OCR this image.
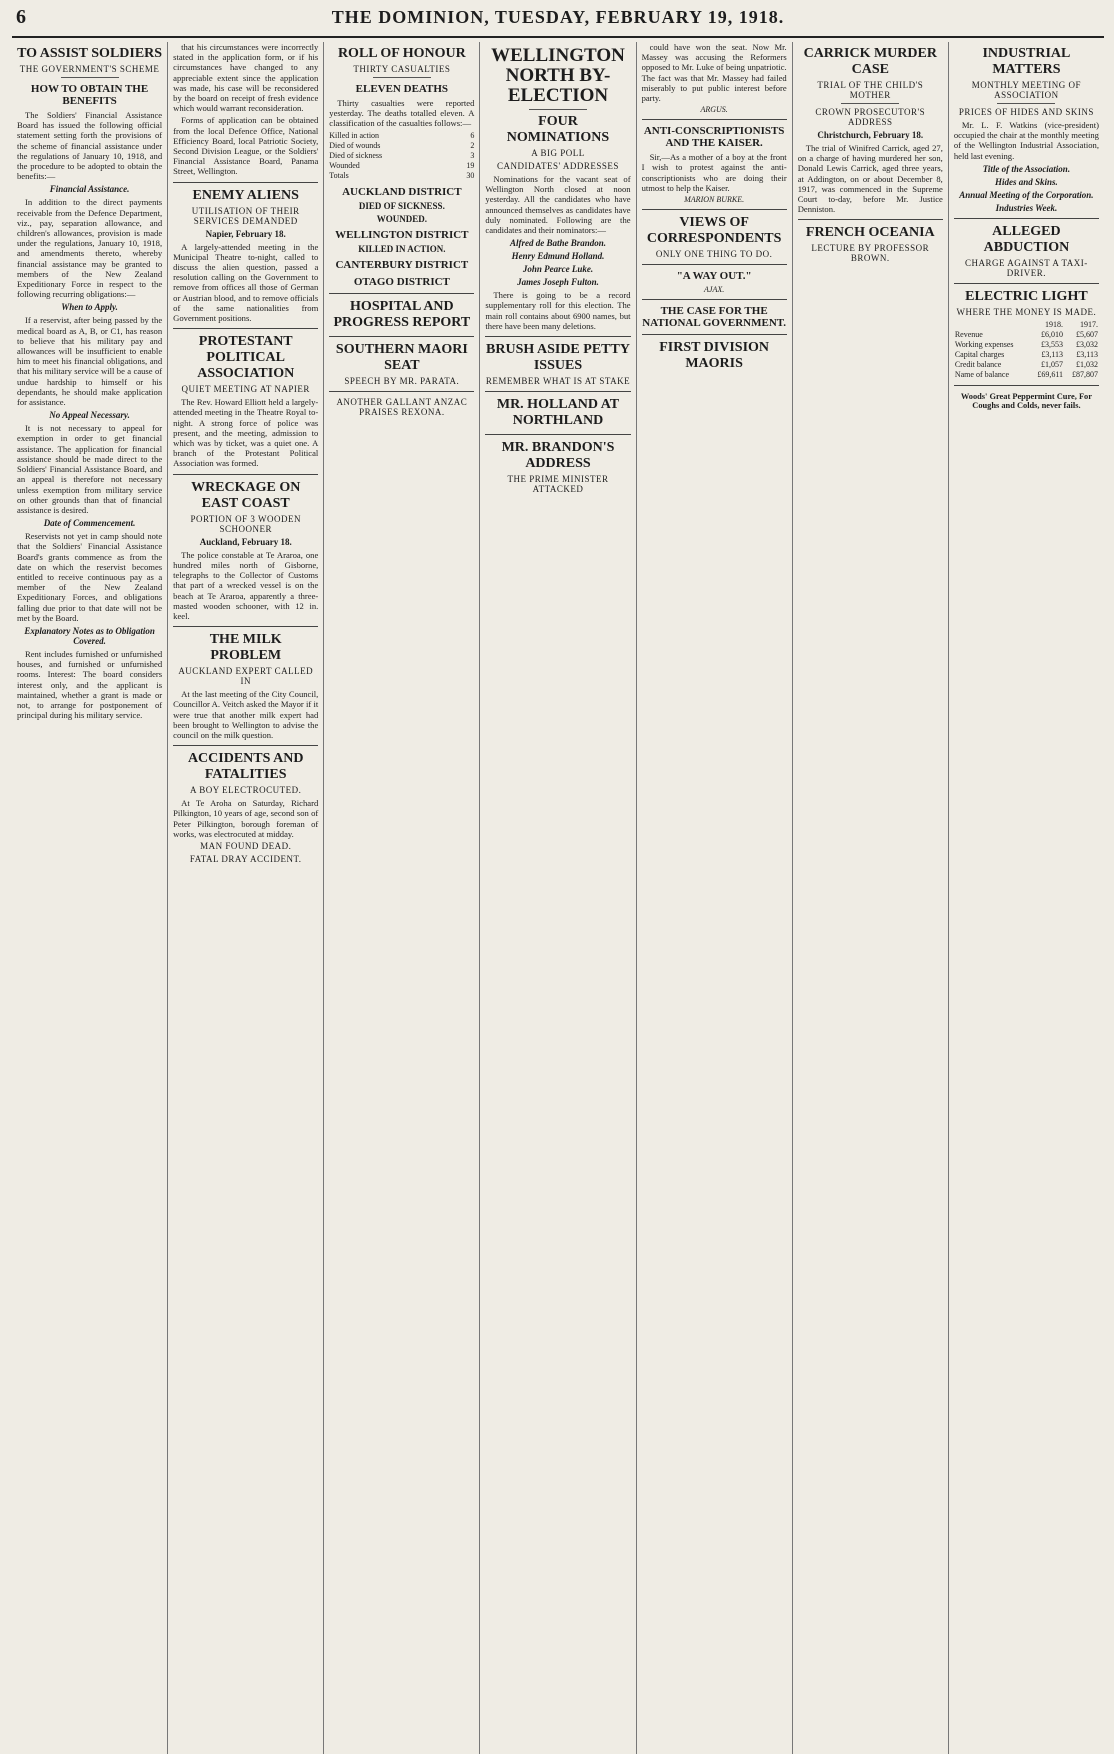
6	THE DOMINION, TUESDAY, FEBRUARY 19, 1918.
TO ASSIST SOLDIERS
THE GOVERNMENT'S SCHEME
HOW TO OBTAIN THE BENEFITS

The Soldiers' Financial Assistance Board has issued the following official statement setting forth the provisions of the scheme of financial assistance under the regulations of January 10, 1918, and the procedure to be adopted to obtain the benefits:—

Financial Assistance.

In addition to the direct payments receivable from the Defence Department, viz., pay, separation allowance, and children's allowances, provision is made under the regulations, January 10, 1918, and amendments thereto, whereby financial assistance may be granted to members of the New Zealand Expeditionary Force in respect to the following recurring obligations:—

When to Apply.

If a reservist, after being passed by the medical board as A, B, or C1, has reason to believe that his military pay and allowances will be insufficient to enable him to meet his financial obligations, and that his military service will be a cause of undue hardship to himself or his dependants, he should make application for assistance.

No Appeal Necessary.

It is not necessary to appeal for exemption in order to get financial assistance. The application for financial assistance should be made direct to the Soldiers' Financial Assistance Board, and an appeal is therefore not necessary unless exemption from military service on other grounds than that of financial assistance is desired.

Date of Commencement.

Reservists not yet in camp should note that the Soldiers' Financial Assistance Board's grants commence as from the date on which the reservist becomes entitled to receive continuous pay as a member of the New Zealand Expeditionary Forces, and obligations falling due prior to that date will not be met by the Board.

Explanatory Notes as to Obligation Covered.

Rent includes furnished or unfurnished houses, and furnished or unfurnished rooms. Interest: The board considers interest only, and the applicant is maintained, whether a grant is made or not, to arrange for postponement of principal during his military service.

that his circumstances were incorrectly stated in the application form, or if his circumstances have changed to any appreciable extent since the application was made, his case will be reconsidered by the board on receipt of fresh evidence which would warrant reconsideration.

Forms of application can be obtained from the local Defence Office, National Efficiency Board, local Patriotic Society, Second Division League, or the Soldiers' Financial Assistance Board, Panama Street, Wellington.

ENEMY ALIENS
UTILISATION OF THEIR SERVICES DEMANDED
Napier, February 18.

A largely-attended meeting in the Municipal Theatre to-night, called to discuss the alien question, passed a resolution calling on the Government to remove from offices all those of German or Austrian blood, and to remove officials of the same nationalities from Government positions.

PROTESTANT POLITICAL ASSOCIATION
QUIET MEETING AT NAPIER

The Rev. Howard Elliott held a largely-attended meeting in the Theatre Royal to-night. A strong force of police was present, and the meeting, admission to which was by ticket, was a quiet one. A branch of the Protestant Political Association was formed.

WRECKAGE ON EAST COAST
PORTION OF 3 WOODEN SCHOONER
Auckland, February 18.

The police constable at Te Araroa, one hundred miles north of Gisborne, telegraphs to the Collector of Customs that part of a wrecked vessel is on the beach at Te Araroa, apparently a three-masted wooden schooner, with 12 in. keel.

THE MILK PROBLEM
AUCKLAND EXPERT CALLED IN

At the last meeting of the City Council, Councillor A. Veitch asked the Mayor if it were true that another milk expert had been brought to Wellington to advise the council on the milk question.

ACCIDENTS AND FATALITIES
A BOY ELECTROCUTED.

At Te Aroha on Saturday, Richard Pilkington, 10 years of age, second son of Peter Pilkington, borough foreman of works, was electrocuted at midday.

MAN FOUND DEAD.
FATAL DRAY ACCIDENT.
ROLL OF HONOUR
THIRTY CASUALTIES
ELEVEN DEATHS

Thirty casualties were reported yesterday. The deaths totalled eleven. A classification of the casualties follows:—

Killed in action	6
Died of wounds	2
Died of sickness	3
Wounded	19
Totals	30
AUCKLAND DISTRICT
DIED OF SICKNESS.
WOUNDED.
WELLINGTON DISTRICT
KILLED IN ACTION.
CANTERBURY DISTRICT
OTAGO DISTRICT
HOSPITAL AND PROGRESS REPORT
SOUTHERN MAORI SEAT
SPEECH BY MR. PARATA.
ANOTHER GALLANT ANZAC PRAISES REXONA.
WELLINGTON NORTH BY-ELECTION
FOUR NOMINATIONS
A BIG POLL
CANDIDATES' ADDRESSES

Nominations for the vacant seat of Wellington North closed at noon yesterday. All the candidates who have announced themselves as candidates have duly nominated. Following are the candidates and their nominators:—

Alfred de Bathe Brandon.
Henry Edmund Holland.
John Pearce Luke.
James Joseph Fulton.

There is going to be a record supplementary roll for this election. The main roll contains about 6900 names, but there have been many deletions.

BRUSH ASIDE PETTY ISSUES
REMEMBER WHAT IS AT STAKE
MR. HOLLAND AT NORTHLAND
MR. BRANDON'S ADDRESS
THE PRIME MINISTER ATTACKED

could have won the seat. Now Mr. Massey was accusing the Reformers opposed to Mr. Luke of being unpatriotic. The fact was that Mr. Massey had failed miserably to put public interest before party.

ARGUS.
ANTI-CONSCRIPTIONISTS AND THE KAISER.

Sir,—As a mother of a boy at the front I wish to protest against the anti-conscriptionists who are doing their utmost to help the Kaiser.

MARION BURKE.
VIEWS OF CORRESPONDENTS
ONLY ONE THING TO DO.
"A WAY OUT."
AJAX.
THE CASE FOR THE NATIONAL GOVERNMENT.
FIRST DIVISION MAORIS
CARRICK MURDER CASE
TRIAL OF THE CHILD'S MOTHER
CROWN PROSECUTOR'S ADDRESS
Christchurch, February 18.

The trial of Winifred Carrick, aged 27, on a charge of having murdered her son, Donald Lewis Carrick, aged three years, at Addington, on or about December 8, 1917, was commenced in the Supreme Court to-day, before Mr. Justice Denniston.

FRENCH OCEANIA
LECTURE BY PROFESSOR BROWN.
INDUSTRIAL MATTERS
MONTHLY MEETING OF ASSOCIATION
PRICES OF HIDES AND SKINS

Mr. L. F. Watkins (vice-president) occupied the chair at the monthly meeting of the Wellington Industrial Association, held last evening.

Title of the Association.
Hides and Skins.
Annual Meeting of the Corporation.
Industries Week.
ALLEGED ABDUCTION
CHARGE AGAINST A TAXI-DRIVER.
ELECTRIC LIGHT
WHERE THE MONEY IS MADE.
	1918.	1917.
Revenue	£6,010	£5,607
Working expenses	£3,553	£3,032
Capital charges	£3,113	£3,113
Credit balance	£1,057	£1,032
Name of balance	£69,611	£87,807
Woods' Great Peppermint Cure, For Coughs and Colds, never fails.
